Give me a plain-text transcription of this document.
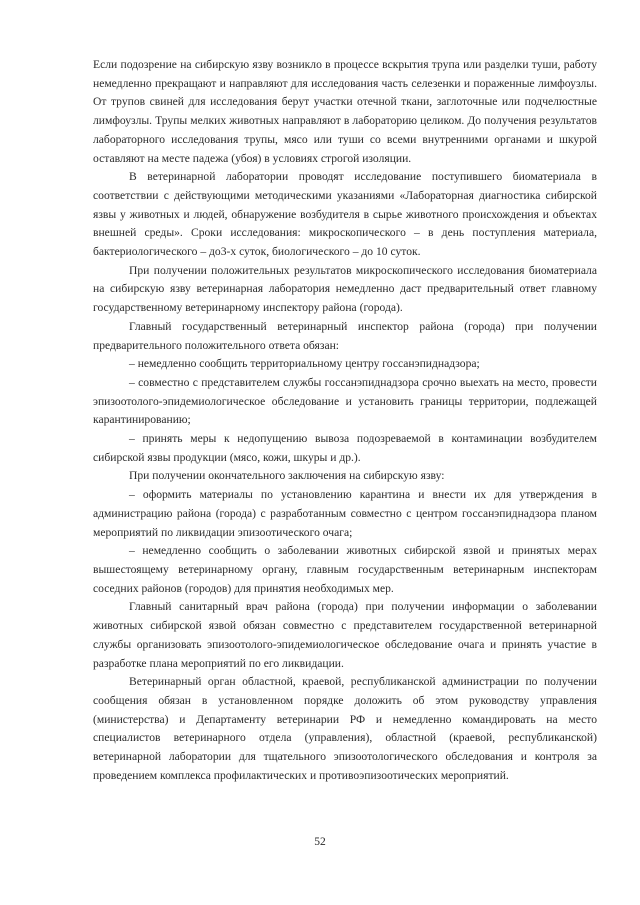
Если подозрение на сибирскую язву возникло в процессе вскрытия трупа или разделки туши, работу немедленно прекращают и направляют для исследования часть селезенки и пораженные лимфоузлы. От трупов свиней для исследования берут участки отечной ткани, заглоточные или подчелюстные лимфоузлы. Трупы мелких животных направляют в лабораторию целиком. До получения результатов лабораторного исследования трупы, мясо или туши со всеми внутренними органами и шкурой оставляют на месте падежа (убоя) в условиях строгой изоляции.

В ветеринарной лаборатории проводят исследование поступившего биоматериала в соответствии с действующими методическими указаниями «Лабораторная диагностика сибирской язвы у животных и людей, обнаружение возбудителя в сырье животного происхождения и объектах внешней среды». Сроки исследования: микроскопического – в день поступления материала, бактериологического – до3-х суток, биологического – до 10 суток.

При получении положительных результатов микроскопического исследования биоматериала на сибирскую язву ветеринарная лаборатория немедленно даст предварительный ответ главному государственному ветеринарному инспектору района (города).

Главный государственный ветеринарный инспектор района (города) при получении предварительного положительного ответа обязан:

– немедленно сообщить территориальному центру госсанэпиднадзора;

– совместно с представителем службы госсанэпиднадзора срочно выехать на место, провести эпизоотолого-эпидемиологическое обследование и установить границы территории, подлежащей карантинированию;

– принять меры к недопущению вывоза подозреваемой в контаминации возбудителем сибирской язвы продукции (мясо, кожи, шкуры и др.).

При получении окончательного заключения на сибирскую язву:

– оформить материалы по установлению карантина и внести их для утверждения в администрацию района (города) с разработанным совместно с центром госсанэпиднадзора планом мероприятий по ликвидации эпизоотического очага;

– немедленно сообщить о заболевании животных сибирской язвой и принятых мерах вышестоящему ветеринарному органу, главным государственным ветеринарным инспекторам соседних районов (городов) для принятия необходимых мер.

Главный санитарный врач района (города) при получении информации о заболевании животных сибирской язвой обязан совместно с представителем государственной ветеринарной службы организовать эпизоотолого-эпидемиологическое обследование очага и принять участие в разработке плана мероприятий по его ликвидации.

Ветеринарный орган областной, краевой, республиканской администрации по получении сообщения обязан в установленном порядке доложить об этом руководству управления (министерства) и Департаменту ветеринарии РФ и немедленно командировать на место специалистов ветеринарного отдела (управления), областной (краевой, республиканской) ветеринарной лаборатории для тщательного эпизоотологического обследования и контроля за проведением комплекса профилактических и противоэпизоотических мероприятий.

52
